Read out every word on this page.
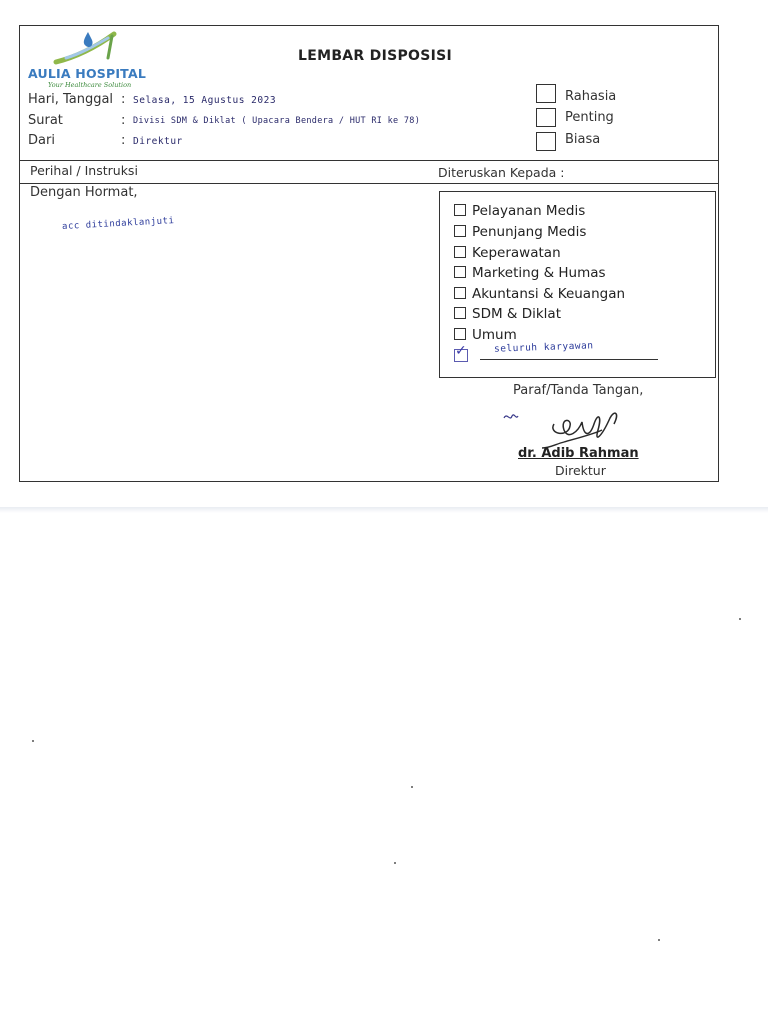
AULIA HOSPITAL
Your Healthcare Solution
LEMBAR DISPOSISI
Hari, Tanggal : Selasa, 15 Agustus 2023
Surat	: Divisi SDM & Diklat ( Upacara Bendera / HUT RI ke 78)
Dari	: Direktur
Rahasia
Penting
Biasa
Perihal / Instruksi	Diteruskan Kepada :
Dengan Hormat,
acc ditindaklanjuti
Pelayanan Medis
Penunjang Medis
Keperawatan
Marketing & Humas
Akuntansi & Keuangan
SDM & Diklat
Umum
✓	seluruh karyawan
Paraf/Tanda Tangan,
dr. Adib Rahman
Direktur
